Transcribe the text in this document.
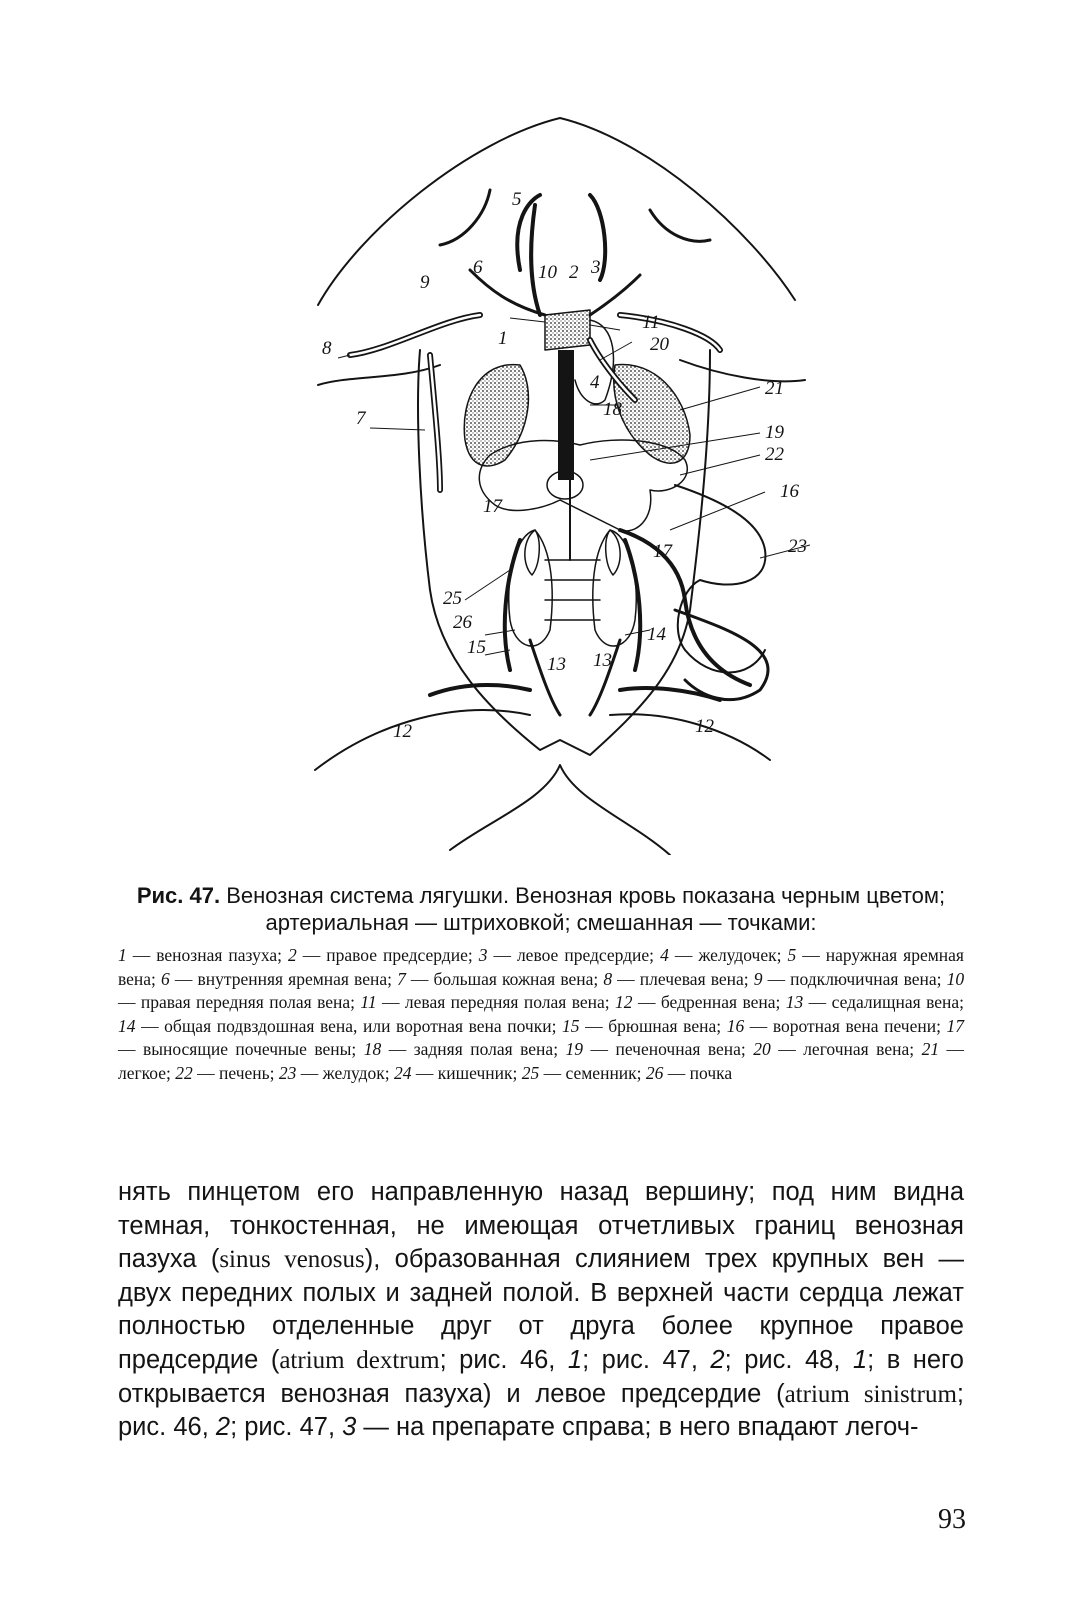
5
6
9	10 2 3
11
1	20
8
4	21
18
7
19
22
16
17
17	23
25
26
15
14
13 13
12	12

Рис. 47. Венозная система лягушки. Венозная кровь показана черным цветом; артериальная — штриховкой; смешанная — точками:

1 — венозная пазуха; 2 — правое предсердие; 3 — левое предсердие; 4 — желудочек; 5 — наружная яремная вена; 6 — внутренняя яремная вена; 7 — большая кожная вена; 8 — плечевая вена; 9 — подключичная вена; 10 — правая передняя полая вена; 11 — левая передняя полая вена; 12 — бедренная вена; 13 — седалищная вена; 14 — общая подвздошная вена, или воротная вена почки; 15 — брюшная вена; 16 — воротная вена печени; 17 — выносящие почечные вены; 18 — задняя полая вена; 19 — печеночная вена; 20 — легочная вена; 21 — легкое; 22 — печень; 23 — желудок; 24 — кишечник; 25 — семенник; 26 — почка

нять пинцетом его направленную назад вершину; под ним видна темная, тонкостенная, не имеющая отчетливых границ венозная пазуха (sinus venosus), образованная слиянием трех крупных вен — двух передних полых и задней полой. В верхней части сердца лежат полностью отделенные друг от друга более крупное правое предсердие (atrium dextrum; рис. 46, 1; рис. 47, 2; рис. 48, 1; в него открывается венозная пазуха) и левое предсердие (atrium sinistrum; рис. 46, 2; рис. 47, 3 — на препарате справа; в него впадают легоч-

93
